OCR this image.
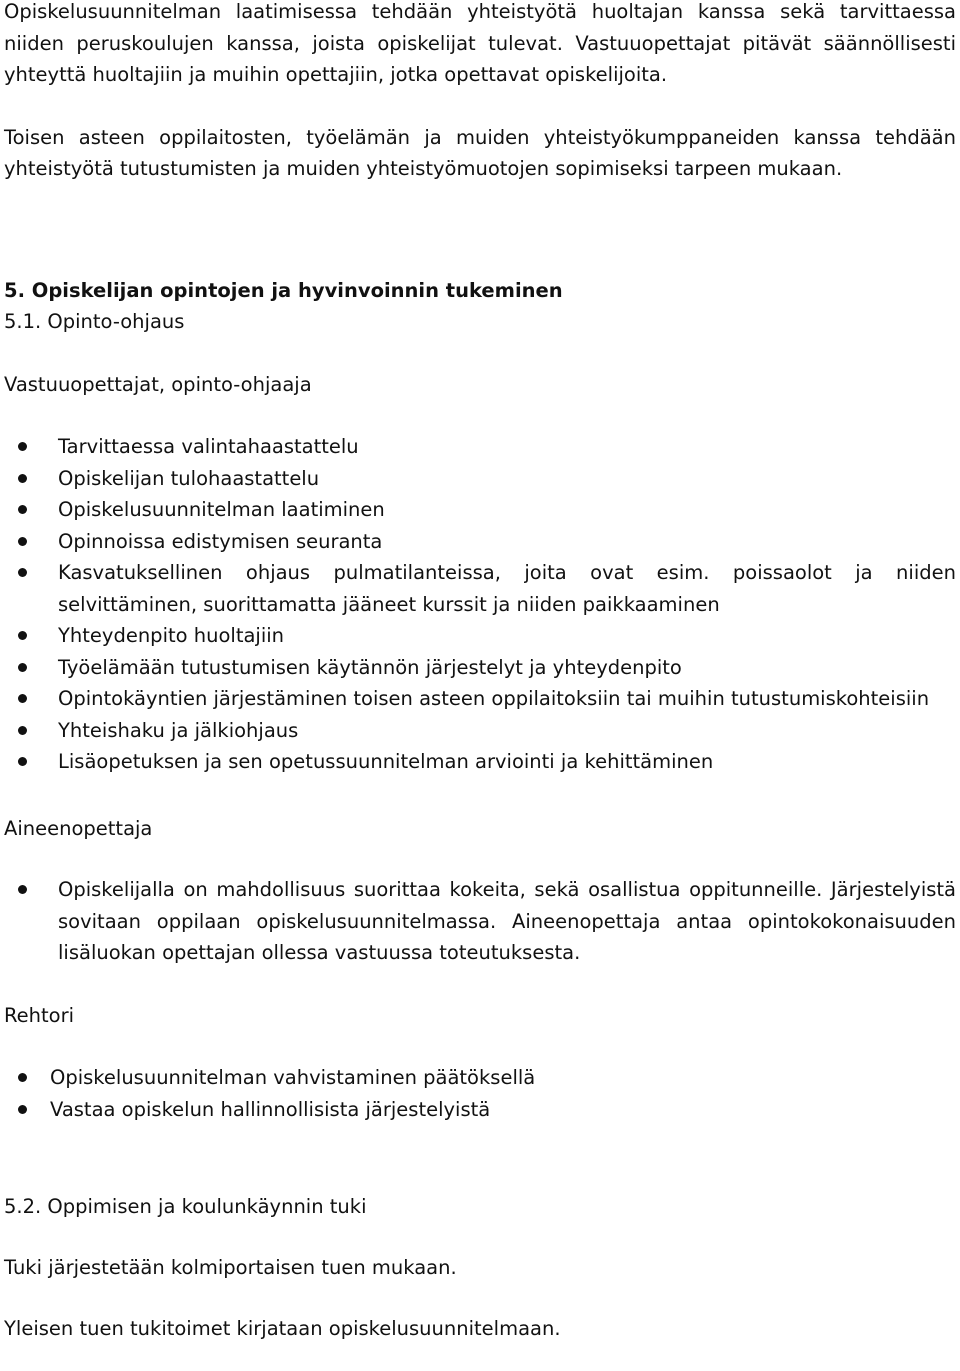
Opiskelusuunnitelman laatimisessa tehdään yhteistyötä huoltajan kanssa sekä tarvittaessa niiden peruskoulujen kanssa, joista opiskelijat tulevat. Vastuuopettajat pitävät säännöllisesti yhteyttä huoltajiin ja muihin opettajiin, jotka opettavat opiskelijoita.

Toisen asteen oppilaitosten, työelämän ja muiden yhteistyökumppaneiden kanssa tehdään yhteistyötä tutustumisten ja muiden yhteistyömuotojen sopimiseksi tarpeen mukaan.

5. Opiskelijan opintojen ja hyvinvoinnin tukeminen

5.1. Opinto-ohjaus

Vastuuopettajat, opinto-ohjaaja

Tarvittaessa valintahaastattelu
Opiskelijan tulohaastattelu
Opiskelusuunnitelman laatiminen
Opinnoissa edistymisen seuranta
Kasvatuksellinen ohjaus pulmatilanteissa, joita ovat esim. poissaolot ja niiden selvittäminen, suorittamatta jääneet kurssit ja niiden paikkaaminen
Yhteydenpito huoltajiin
Työelämään tutustumisen käytännön järjestelyt ja yhteydenpito
Opintokäyntien järjestäminen toisen asteen oppilaitoksiin tai muihin tutustumiskohteisiin
Yhteishaku ja jälkiohjaus
Lisäopetuksen ja sen opetussuunnitelman arviointi ja kehittäminen

Aineenopettaja

Opiskelijalla on mahdollisuus suorittaa kokeita, sekä osallistua oppitunneille. Järjestelyistä sovitaan oppilaan opiskelusuunnitelmassa. Aineenopettaja antaa opintokokonaisuuden lisäluokan opettajan ollessa vastuussa toteutuksesta.

Rehtori

Opiskelusuunnitelman vahvistaminen päätöksellä
Vastaa opiskelun hallinnollisista järjestelyistä

5.2. Oppimisen ja koulunkäynnin tuki

Tuki järjestetään kolmiportaisen tuen mukaan.

Yleisen tuen tukitoimet kirjataan opiskelusuunnitelmaan.
